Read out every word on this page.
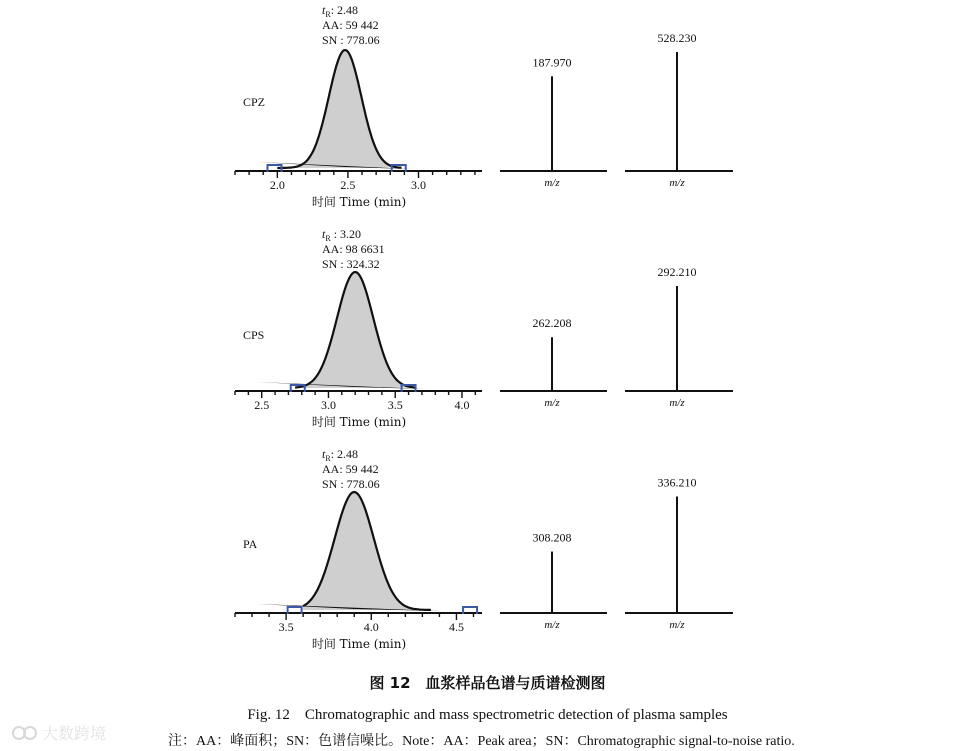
CPZ
2.0	2.5	3.0
时间 Time (min)
$t_R$: 2.48
AA: 59 442
SN : 778.06
187.970
m/z
528.230
m/z
CPS
2.5	3.0	3.5	4.0
时间 Time (min)
$t_R$ : 3.20
AA: 98 6631
SN : 324.32
262.208
m/z
292.210
m/z
PA
3.5	4.0	4.5
时间 Time (min)
$t_R$: 2.48
AA: 59 442
SN : 778.06
308.208
m/z
336.210
m/z
图 12　血浆样品色谱与质谱检测图
Fig. 12　Chromatographic and mass spectrometric detection of plasma samples
注：AA：峰面积；SN：色谱信噪比。Note：AA：Peak area；SN：Chromatographic signal-to-noise ratio.
大数跨境
